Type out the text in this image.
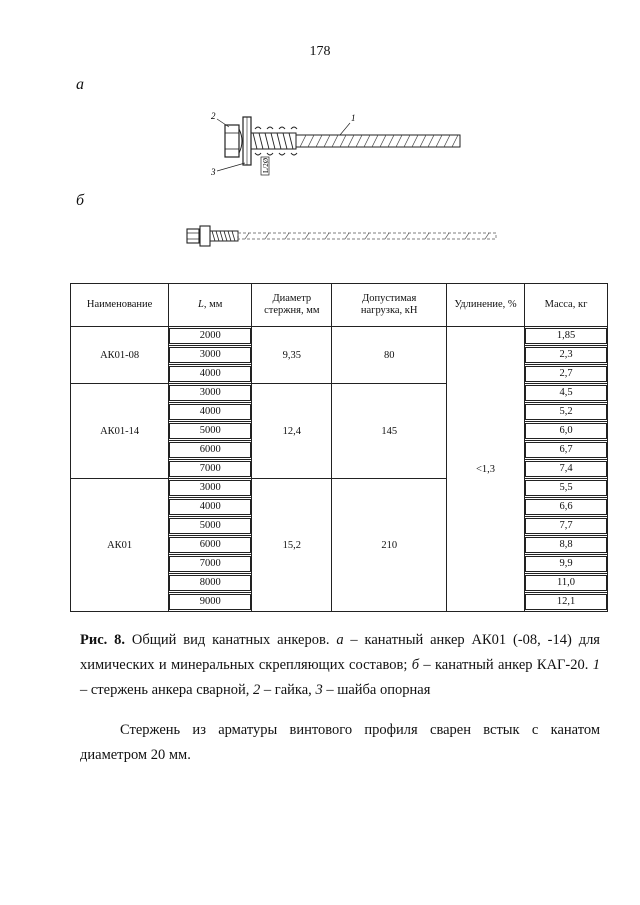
178
а
2	1
3	L/2
Ø
б
Наименование	L, мм	Диаметр стержня, мм	Допустимая нагрузка, кН	Удлинение, %	Масса, кг
АК01-08	2000	9,35	80	<1,3	1,85
	3000				2,3
	4000				2,7
АК01-14	3000	12,4	145		4,5
	4000				5,2
	5000				6,0
	6000				6,7
	7000				7,4
АК01	3000	15,2	210		5,5
	4000				6,6
	5000				7,7
	6000				8,8
	7000				9,9
	8000				11,0
	9000				12,1
Рис. 8. Общий вид канатных анкеров. а – канатный анкер АК01 (-08, -14) для химических и минеральных скрепляющих составов; б – канатный анкер КАГ-20. 1 – стержень анкера сварной, 2 – гайка, 3 – шайба опорная
Стержень из арматуры винтового профиля сварен встык с канатом диаметром 20 мм.
